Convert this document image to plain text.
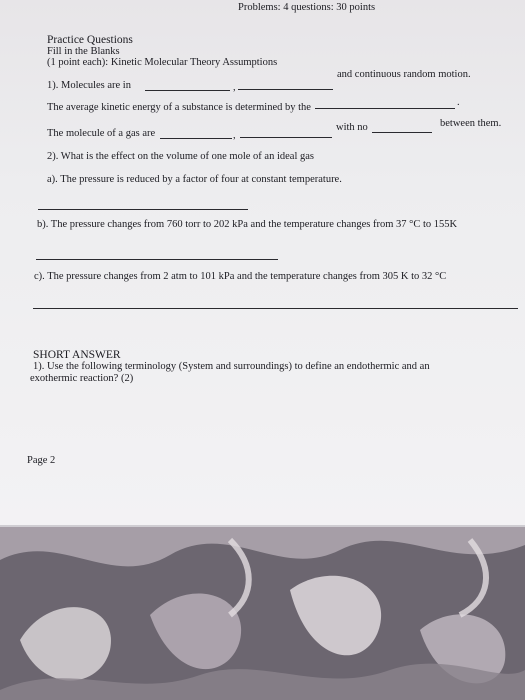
Problems: 4 questions: 30 points

Practice Questions

Fill in the Blanks

(1 point each): Kinetic Molecular Theory Assumptions

1). Molecules are in	,

and continuous random motion.

The average kinetic energy of a substance is determined by the	.

The molecule of a gas are	,

with no	between them.

2). What is the effect on the volume of one mole of an ideal gas

a). The pressure is reduced by a factor of four at constant temperature.

b). The pressure changes from 760 torr to 202 kPa and the temperature changes from 37 °C to 155K

c). The pressure changes from 2 atm to 101 kPa and the temperature changes from 305 K to 32 °C

SHORT ANSWER

1). Use the following terminology (System and surroundings) to define an endothermic and an

exothermic reaction? (2)

Page 2
